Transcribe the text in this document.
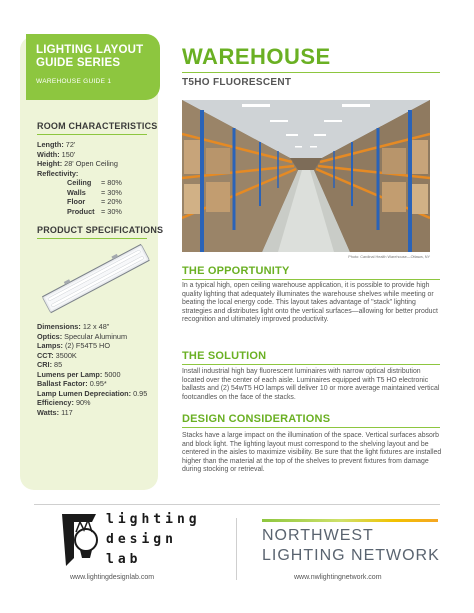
LIGHTING LAYOUT
GUIDE SERIES
WAREHOUSE GUIDE 1
ROOM CHARACTERISTICS
Length: 72'
Width: 150'
Height: 28' Open Ceiling
Reflectivity:
Ceiling	= 80%
Walls	= 30%
Floor	= 20%
Product = 30%
PRODUCT SPECIFICATIONS
Dimensions: 12 x 48"
Optics: Specular Aluminum
Lamps: (2) F54T5 HO
CCT: 3500K
CRI: 85
Lumens per Lamp: 5000
Ballast Factor: 0.95*
Lamp Lumen Depreciation: 0.95
Efficiency: 90%
Watts: 117
WAREHOUSE
T5HO FLUORESCENT
Photo: Cardinal Health Warehouse—Ottawa, NY
THE OPPORTUNITY
In a typical high, open ceiling warehouse application, it is possible to provide high quality lighting that adequately illuminates the warehouse shelves while meeting or beating the local energy code. This layout takes advantage of "stack" lighting strategies and distributes light onto the vertical surfaces—allowing for better product recognition and ultimately improved productivity.
THE SOLUTION
Install industrial high bay fluorescent luminaires with narrow optical distribution located over the center of each aisle. Luminaires equipped with T5 HO electronic ballasts and (2) 54wT5 HO lamps will deliver 10 or more average maintained vertical footcandles on the face of the stacks.
DESIGN CONSIDERATIONS
Stacks have a large impact on the illumination of the space. Vertical surfaces absorb and block light. The lighting layout must correspond to the shelving layout and be centered in the aisles to maximize visibility. Be sure that the light fixtures are installed higher than the material at the top of the shelves to prevent fixtures from damage during stocking or retrieval.
lighting
design
lab
www.lightingdesignlab.com
NORTHWEST
LIGHTING NETWORK
www.nwlightingnetwork.com
